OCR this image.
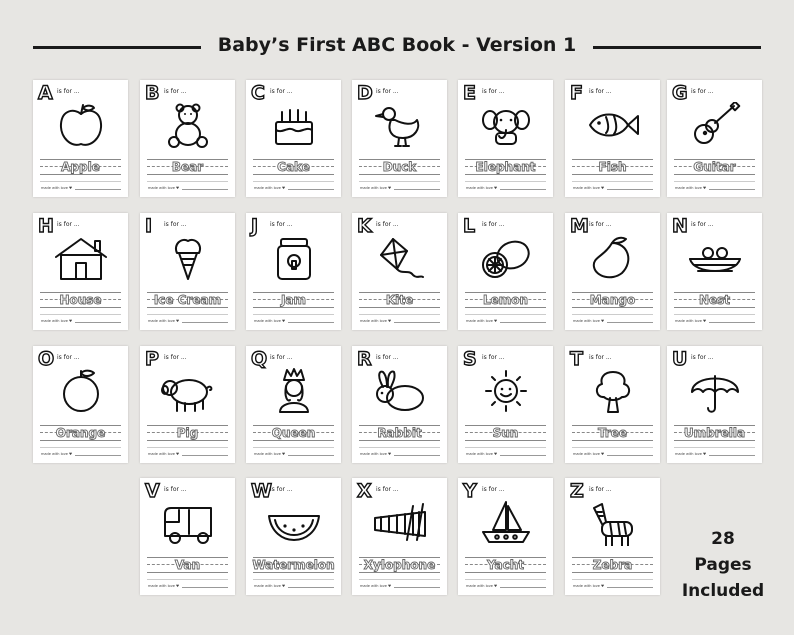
Baby’s First ABC Book - Version 1
A is for ...
Apple
made with love ♥
B is for ...
Bear
made with love ♥
C is for ...
Cake
made with love ♥
D is for ...
Duck
made with love ♥
E is for ...
Elephant
made with love ♥
F is for ...
Fish
made with love ♥
G is for ...
Guitar
made with love ♥
H is for ...
House
made with love ♥
I is for ...
Ice Cream
made with love ♥
J is for ...
Jam
made with love ♥
K is for ...
Kite
made with love ♥
L is for ...
Lemon
made with love ♥
M is for ...
Mango
made with love ♥
N is for ...
Nest
made with love ♥
O is for ...
Orange
made with love ♥
P is for ...
Pig
made with love ♥
Q is for ...
Queen
made with love ♥
R is for ...
Rabbit
made with love ♥
S is for ...
Sun
made with love ♥
T is for ...
Tree
made with love ♥
U is for ...
Umbrella
made with love ♥
V is for ...
Van
made with love ♥
W
is for ...
Watermelon
made with love ♥
X is for ...
Xylophone
made with love ♥
Y is for ...
Yacht
made with love ♥
Z is for ...
Zebra
made with love ♥
28
Pages
Included
